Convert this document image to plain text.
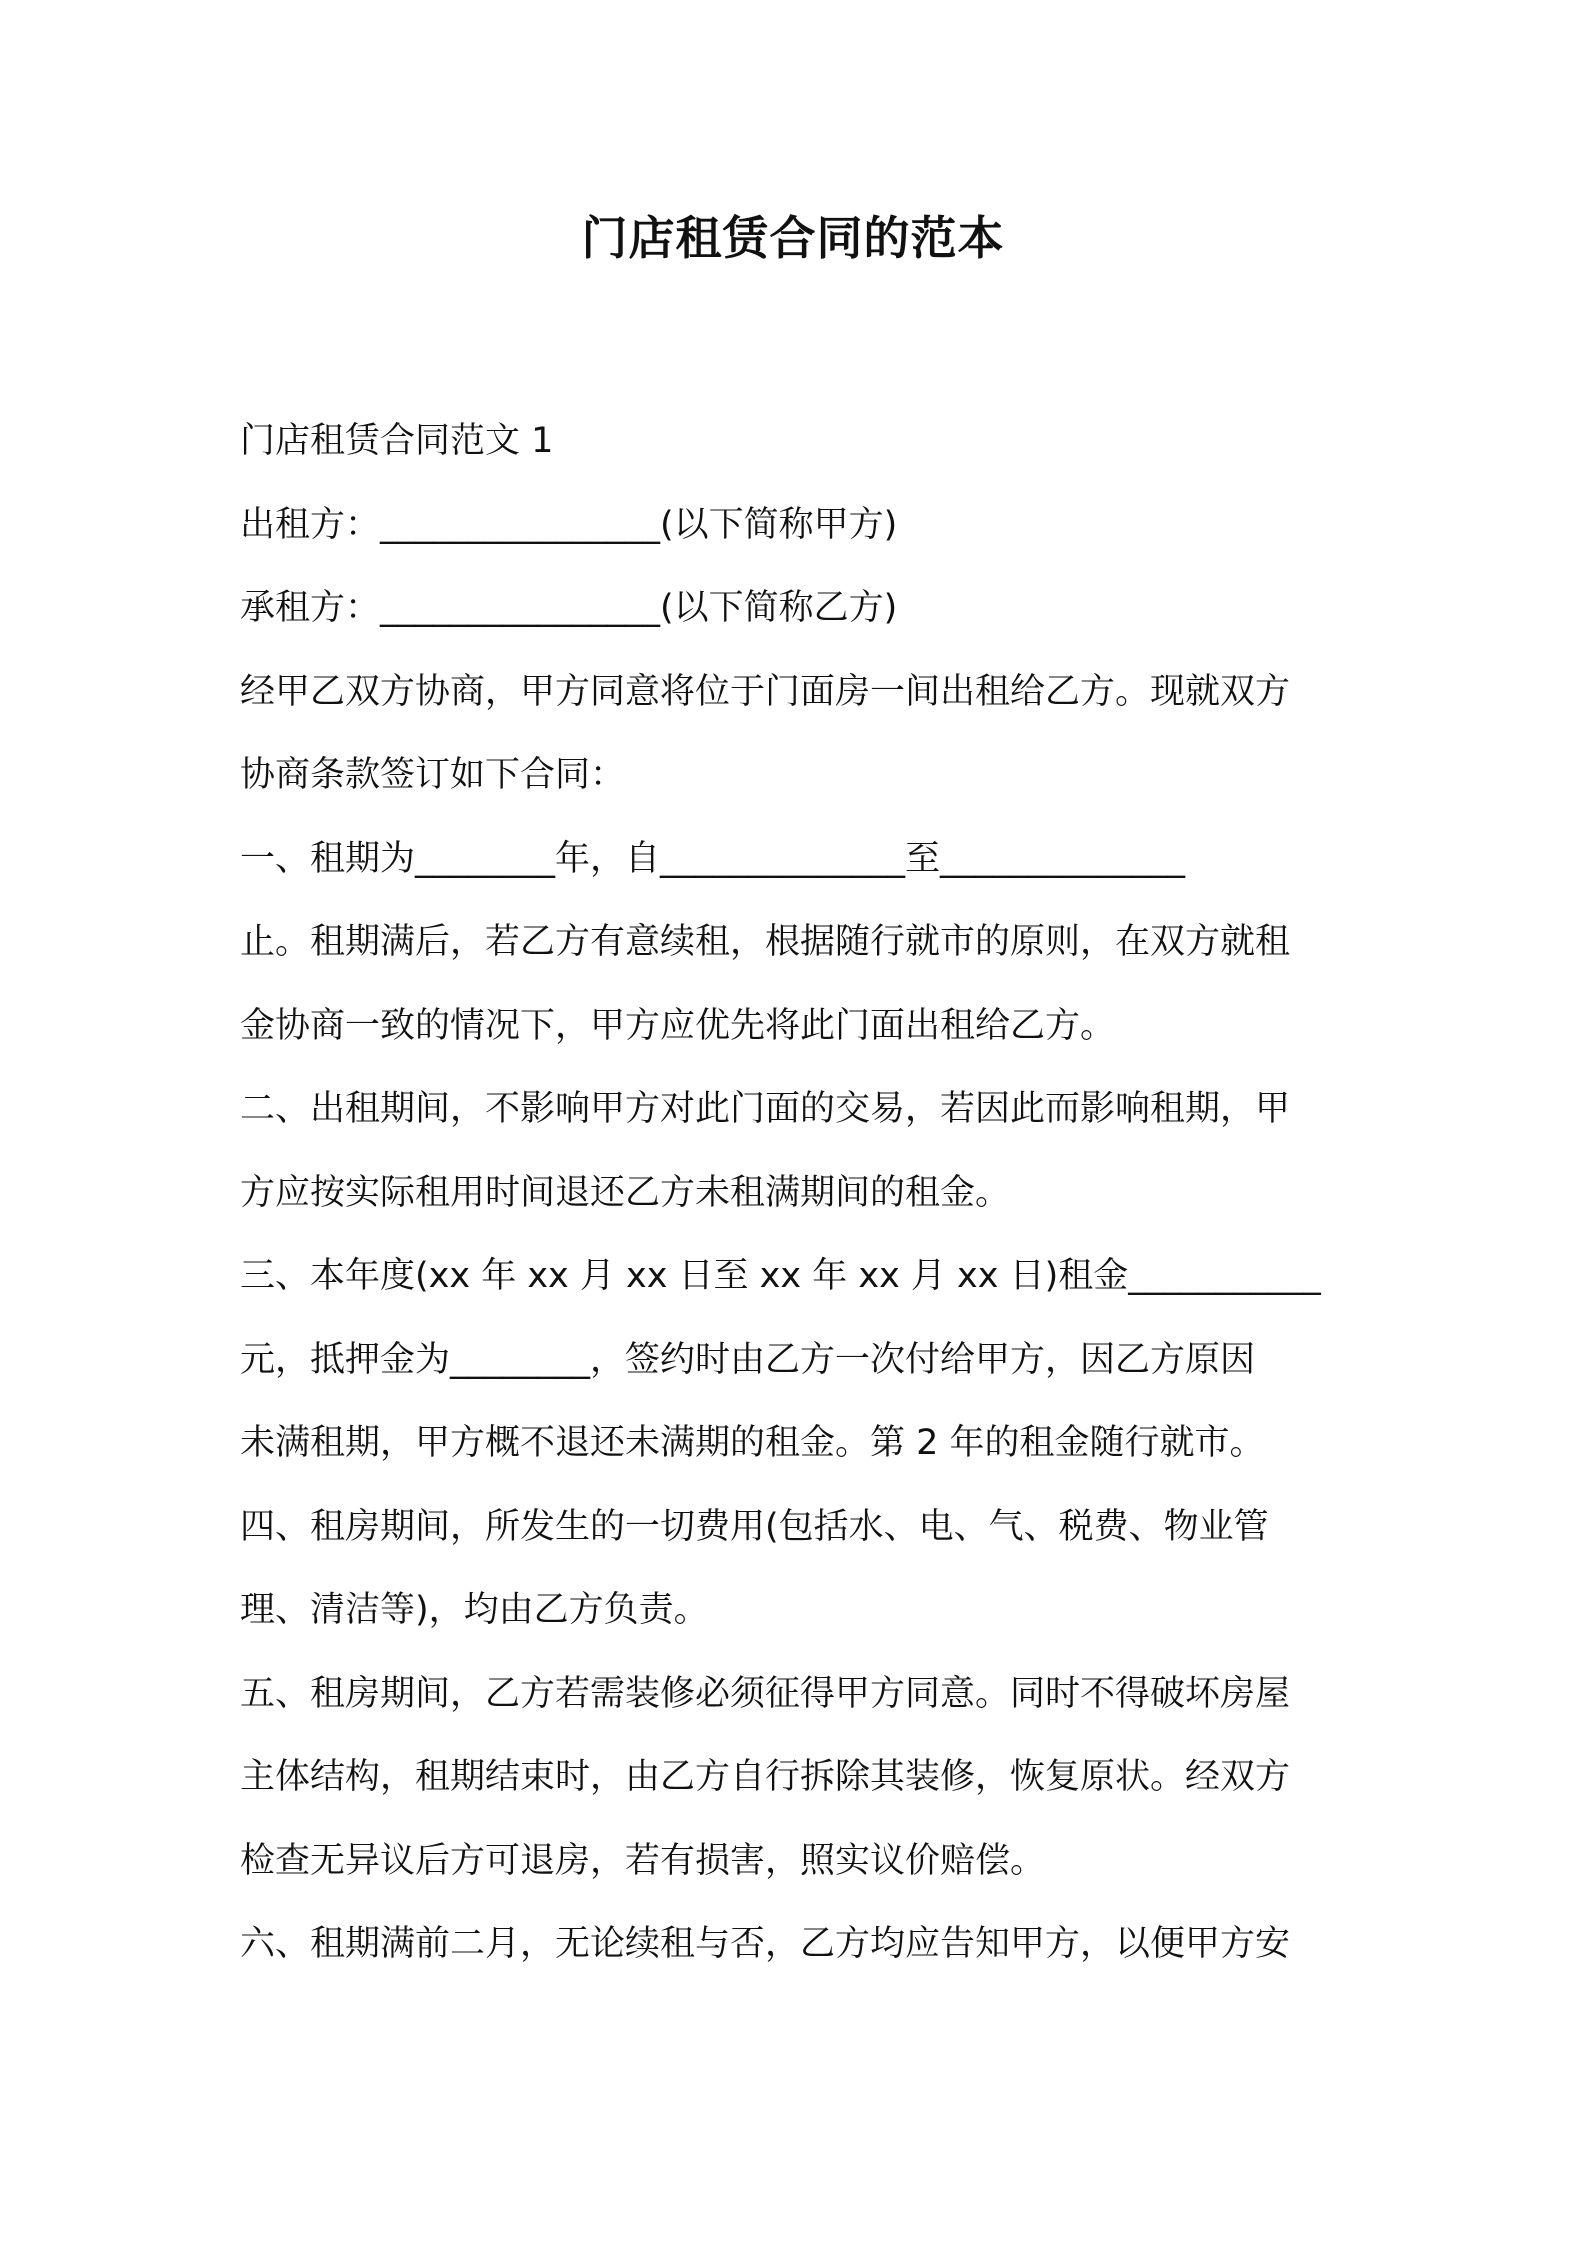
门店租赁合同的范本
门店租赁合同范文 1
出租方：________________(以下简称甲方)
承租方：________________(以下简称乙方)
经甲乙双方协商，甲方同意将位于门面房一间出租给乙方。现就双方
协商条款签订如下合同：
一、租期为________年，自______________至______________
止。租期满后，若乙方有意续租，根据随行就市的原则，在双方就租
金协商一致的情况下，甲方应优先将此门面出租给乙方。
二、出租期间，不影响甲方对此门面的交易，若因此而影响租期，甲
方应按实际租用时间退还乙方未租满期间的租金。
三、本年度(xx 年 xx 月 xx 日至 xx 年 xx 月 xx 日)租金___________
元，抵押金为________，签约时由乙方一次付给甲方，因乙方原因
未满租期，甲方概不退还未满期的租金。第 2 年的租金随行就市。
四、租房期间，所发生的一切费用(包括水、电、气、税费、物业管
理、清洁等)，均由乙方负责。
五、租房期间，乙方若需装修必须征得甲方同意。同时不得破坏房屋
主体结构，租期结束时，由乙方自行拆除其装修，恢复原状。经双方
检查无异议后方可退房，若有损害，照实议价赔偿。
六、租期满前二月，无论续租与否，乙方均应告知甲方，以便甲方安
